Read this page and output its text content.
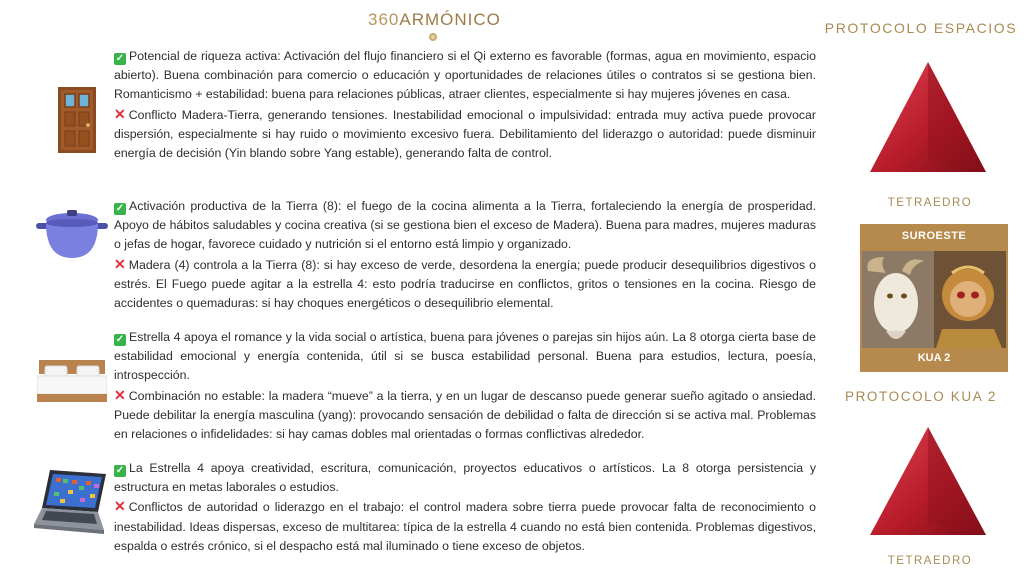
360ARMÓNICO

✓ Potencial de riqueza activa: Activación del flujo financiero si el Qi externo es favorable (formas, agua en movimiento, espacio abierto). Buena combinación para comercio o educación y oportunidades de relaciones útiles o contratos si se gestiona bien. Romanticismo + estabilidad: buena para relaciones públicas, atraer clientes, especialmente si hay mujeres jóvenes en casa.

✕ Conflicto Madera-Tierra, generando tensiones. Inestabilidad emocional o impulsividad: entrada muy activa puede provocar dispersión, especialmente si hay ruido o movimiento excesivo fuera. Debilitamiento del liderazgo o autoridad: puede disminuir energía de decisión (Yin blando sobre Yang estable), generando falta de control.

✓ Activación productiva de la Tierra (8): el fuego de la cocina alimenta a la Tierra, fortaleciendo la energía de prosperidad. Apoyo de hábitos saludables y cocina creativa (si se gestiona bien el exceso de Madera). Buena para madres, mujeres maduras o jefas de hogar, favorece cuidado y nutrición si el entorno está limpio y organizado.

✕ Madera (4) controla a la Tierra (8): si hay exceso de verde, desordena la energía; puede producir desequilibrios digestivos o estrés. El Fuego puede agitar a la estrella 4: esto podría traducirse en conflictos, gritos o tensiones en la cocina. Riesgo de accidentes o quemaduras: si hay choques energéticos o desequilibrio elemental.

✓ Estrella 4 apoya el romance y la vida social o artística, buena para jóvenes o parejas sin hijos aún. La 8 otorga cierta base de estabilidad emocional y energía contenida, útil si se busca estabilidad personal. Buena para estudios, lectura, poesía, introspección.

✕ Combinación no estable: la madera “mueve” a la tierra, y en un lugar de descanso puede generar sueño agitado o ansiedad. Puede debilitar la energía masculina (yang): provocando sensación de debilidad o falta de dirección si se activa mal. Problemas en relaciones o infidelidades: si hay camas dobles mal orientadas o formas conflictivas alrededor.

✓ La Estrella 4 apoya creatividad, escritura, comunicación, proyectos educativos o artísticos. La 8 otorga persistencia y estructura en metas laborales o estudios.

✕ Conflictos de autoridad o liderazgo en el trabajo: el control madera sobre tierra puede provocar falta de reconocimiento o inestabilidad. Ideas dispersas, exceso de multitarea: típica de la estrella 4 cuando no está bien contenida. Problemas digestivos, espalda o estrés crónico, si el despacho está mal iluminado o tiene exceso de objetos.

PROTOCOLO ESPACIOS
TETRAEDRO
SUROESTE
KUA 2
PROTOCOLO KUA 2
TETRAEDRO
